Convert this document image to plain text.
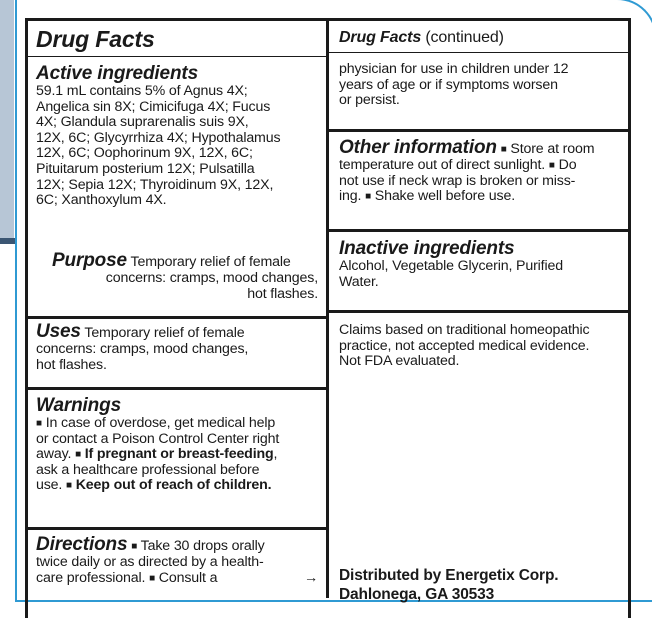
Drug Facts
Active ingredients
59.1 mL contains 5% of Agnus 4X;
Angelica sin 8X; Cimicifuga 4X; Fucus
4X; Glandula suprarenalis suis 9X,
12X, 6C; Glycyrrhiza 4X; Hypothalamus
12X, 6C; Oophorinum 9X, 12X, 6C;
Pituitarum posterium 12X; Pulsatilla
12X; Sepia 12X; Thyroidinum 9X, 12X,
6C; Xanthoxylum 4X.
Purpose Temporary relief of female
concerns: cramps, mood changes,
hot flashes.
Uses Temporary relief of female
concerns: cramps, mood changes,
hot flashes.
Warnings
■ In case of overdose, get medical help
or contact a Poison Control Center right
away. ■ If pregnant or breast-feeding,
ask a healthcare professional before
use. ■ Keep out of reach of children.
Directions ■ Take 30 drops orally
twice daily or as directed by a health-
care professional. ■ Consult a	→
Drug Facts (continued)
physician for use in children under 12
years of age or if symptoms worsen
or persist.
Other information ■ Store at room
temperature out of direct sunlight. ■ Do
not use if neck wrap is broken or miss-
ing. ■ Shake well before use.
Inactive ingredients
Alcohol, Vegetable Glycerin, Purified
Water.
Claims based on traditional homeopathic
practice, not accepted medical evidence.
Not FDA evaluated.
Distributed by Energetix Corp.
Dahlonega, GA 30533
